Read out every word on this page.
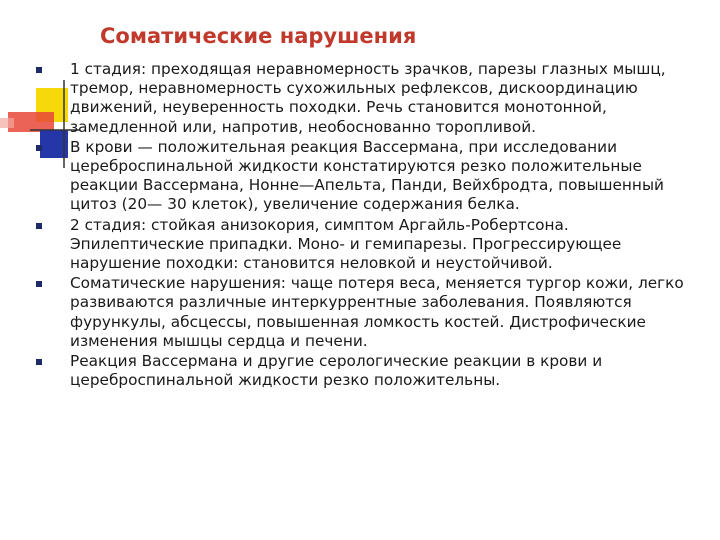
Соматические нарушения
1 стадия: преходящая неравномерность зрачков, парезы глазных мышц, тремор, неравномерность сухожильных рефлексов, дискоординацию движений, неуверенность походки. Речь становится монотонной, замедленной или, напротив, необоснованно торопливой.
В крови — положительная реакция Вассермана, при исследовании цереброспинальной жидкости констатируются резко положительные реакции Вассермана, Нонне—Апельта, Панди, Вейхбродта, повышенный цитоз (20— 30 клеток), увеличение содержания белка.
2 стадия: стойкая анизокория, симптом Аргайль-Робертсона. Эпилептические припадки. Моно- и гемипарезы. Прогрессирующее нарушение походки: становится неловкой и неустойчивой.
Соматические нарушения: чаще потеря веса, меняется тургор кожи, легко развиваются различные интеркуррентные заболевания. Появляются фурункулы, абсцессы, повышенная ломкость костей. Дистрофические изменения мышцы сердца и печени.
Реакция Вассермана и другие серологические реакции в крови и цереброспинальной жидкости резко положительны.
